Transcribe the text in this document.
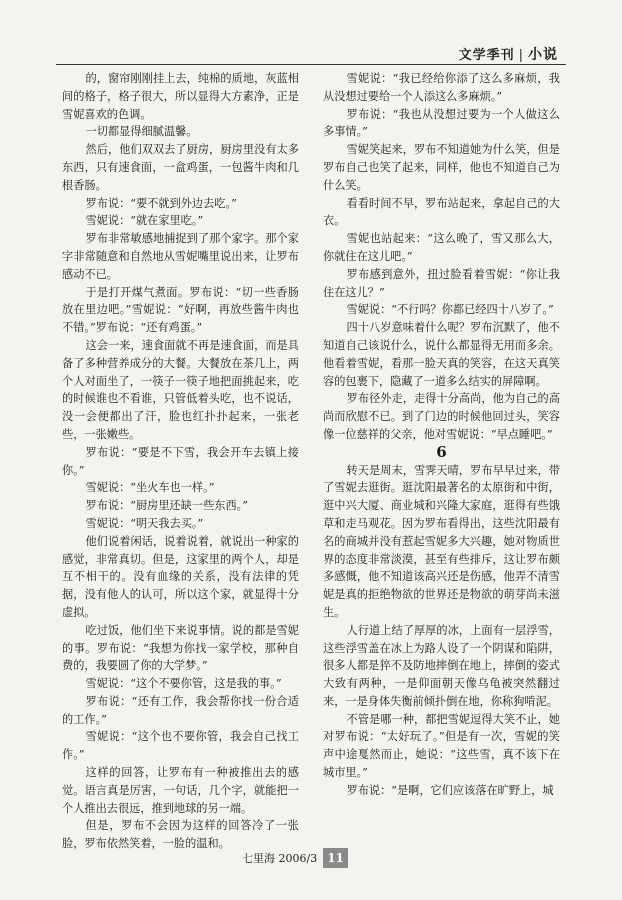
文学季刊 | 小说

的，窗帘刚刚挂上去，纯棉的质地，灰蓝相间的格子，格子很大，所以显得大方素净，正是雪妮喜欢的色调。

一切都显得细腻温馨。

然后，他们双双去了厨房，厨房里没有太多东西，只有速食面，一盒鸡蛋，一包酱牛肉和几根香肠。

罗布说：“要不就到外边去吃。”

雪妮说：“就在家里吃。”

罗布非常敏感地捕捉到了那个家字。那个家字非常随意和自然地从雪妮嘴里说出来，让罗布感动不已。

于是打开煤气煮面。罗布说：“切一些香肠放在里边吧。”雪妮说：“好啊，再放些酱牛肉也不错。”罗布说：“还有鸡蛋。”

这会一来，速食面就不再是速食面，而是具备了多种营养成分的大餐。大餐放在茶几上，两个人对面坐了，一筷子一筷子地把面挑起来，吃的时候谁也不看谁，只管低着头吃，也不说话，没一会便都出了汗，脸也红扑扑起来，一张老些，一张嫩些。

罗布说：“要是不下雪，我会开车去镇上接你。”

雪妮说：“坐火车也一样。”

罗布说：“厨房里还缺一些东西。”

雪妮说：“明天我去买。”

他们说着闲话，说着说着，就说出一种家的感觉，非常真切。但是，这家里的两个人，却是互不相干的。没有血缘的关系，没有法律的凭据，没有他人的认可，所以这个家，就显得十分虚拟。

吃过饭，他们坐下来说事情。说的都是雪妮的事。罗布说：“我想为你找一家学校，那种自费的，我要圆了你的大学梦。”

雪妮说：“这个不要你管，这是我的事。”

罗布说：“还有工作，我会帮你找一份合适的工作。”

雪妮说：“这个也不要你管，我会自己找工作。”

这样的回答，让罗布有一种被推出去的感觉。语言真是厉害，一句话，几个字，就能把一个人推出去很远，推到地球的另一端。

但是，罗布不会因为这样的回答冷了一张脸，罗布依然笑着，一脸的温和。

雪妮说：“我已经给你添了这么多麻烦，我从没想过要给一个人添这么多麻烦。”

罗布说：“我也从没想过要为一个人做这么多事情。”

雪妮笑起来，罗布不知道她为什么笑，但是罗布自己也笑了起来，同样，他也不知道自己为什么笑。

看看时间不早，罗布站起来，拿起自己的大衣。

雪妮也站起来：“这么晚了，雪又那么大，你就住在这儿吧。”

罗布感到意外，扭过脸看着雪妮：“你让我住在这儿？”

雪妮说：“不行吗？你都已经四十八岁了。”

四十八岁意味着什么呢？罗布沉默了，他不知道自己该说什么，说什么都显得无用而多余。他看着雪妮，看那一脸天真的笑容，在这天真笑容的包裹下，隐藏了一道多么结实的屏障啊。

罗布径外走，走得十分高尚，他为自己的高尚而欣慰不已。到了门边的时候他回过头，笑容像一位慈祥的父亲，他对雪妮说：“早点睡吧。”

6

转天是周末，雪霁天晴，罗布早早过来，带了雪妮去逛街。逛沈阳最著名的太原街和中街，逛中兴大厦、商业城和兴隆大家庭，逛得有些饿草和走马观花。因为罗布看得出，这些沈阳最有名的商城并没有惹起雪妮多大兴趣，她对物质世界的态度非常淡漠，甚至有些排斥，这让罗布颇多感慨，他不知道该高兴还是伤感，他弄不清雪妮是真的拒绝物欲的世界还是物欲的萌芽尚未滋生。

人行道上结了厚厚的冰，上面有一层浮雪，这些浮雪盖在冰上为路人设了一个阴谋和陷阱，很多人都是猝不及防地摔倒在地上，摔倒的姿式大致有两种，一是仰面朝天像乌龟被突然翻过来，一是身体失衡前倾扑倒在地，你称狗啃泥。

不管是哪一种，都把雪妮逗得大笑不止，她对罗布说：“太好玩了。”但是有一次，雪妮的笑声中途戛然而止，她说：“这些雪，真不该下在城市里。”

罗布说：“是啊，它们应该落在旷野上，城

七里海
2006/3 11
